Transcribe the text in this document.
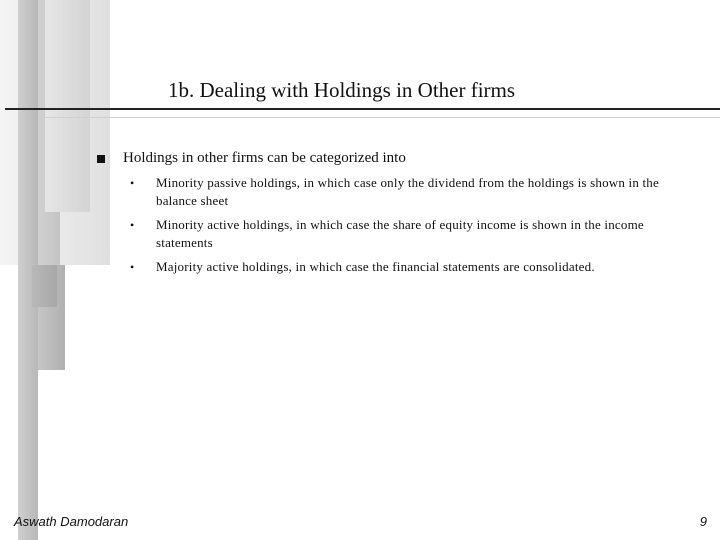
1b. Dealing with Holdings in Other firms
Holdings in other firms can be categorized into
• Minority passive holdings, in which case only the dividend from the holdings is shown in the balance sheet
• Minority active holdings, in which case the share of equity income is shown in the income statements
• Majority active holdings, in which case the financial statements are consolidated.
Aswath Damodaran	9
